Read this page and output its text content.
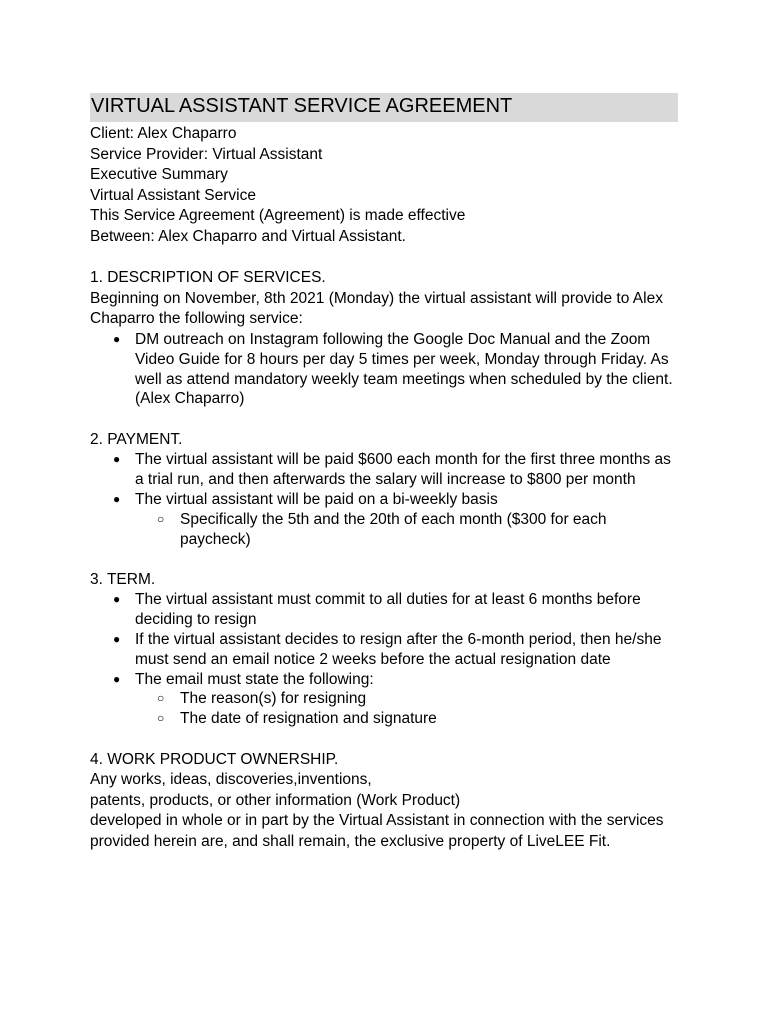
VIRTUAL ASSISTANT SERVICE AGREEMENT

Client: Alex Chaparro

Service Provider: Virtual Assistant

Executive Summary

Virtual Assistant Service

This Service Agreement (Agreement) is made effective

Between: Alex Chaparro and Virtual Assistant.

1. DESCRIPTION OF SERVICES.

Beginning on November, 8th 2021 (Monday) the virtual assistant will provide to Alex Chaparro the following service:

● DM outreach on Instagram following the Google Doc Manual and the Zoom Video Guide for 8 hours per day 5 times per week, Monday through Friday. As well as attend mandatory weekly team meetings when scheduled by the client. (Alex Chaparro)

2. PAYMENT.

● The virtual assistant will be paid $600 each month for the first three months as a trial run, and then afterwards the salary will increase to $800 per month
● The virtual assistant will be paid on a bi-weekly basis
○ Specifically the 5th and the 20th of each month ($300 for each paycheck)

3. TERM.

● The virtual assistant must commit to all duties for at least 6 months before deciding to resign
● If the virtual assistant decides to resign after the 6-month period, then he/she must send an email notice 2 weeks before the actual resignation date
● The email must state the following:
○ The reason(s) for resigning
○ The date of resignation and signature

4. WORK PRODUCT OWNERSHIP.

Any works, ideas, discoveries,inventions,

patents, products, or other information (Work Product)

developed in whole or in part by the Virtual Assistant in connection with the services

provided herein are, and shall remain, the exclusive property of LiveLEE Fit.
